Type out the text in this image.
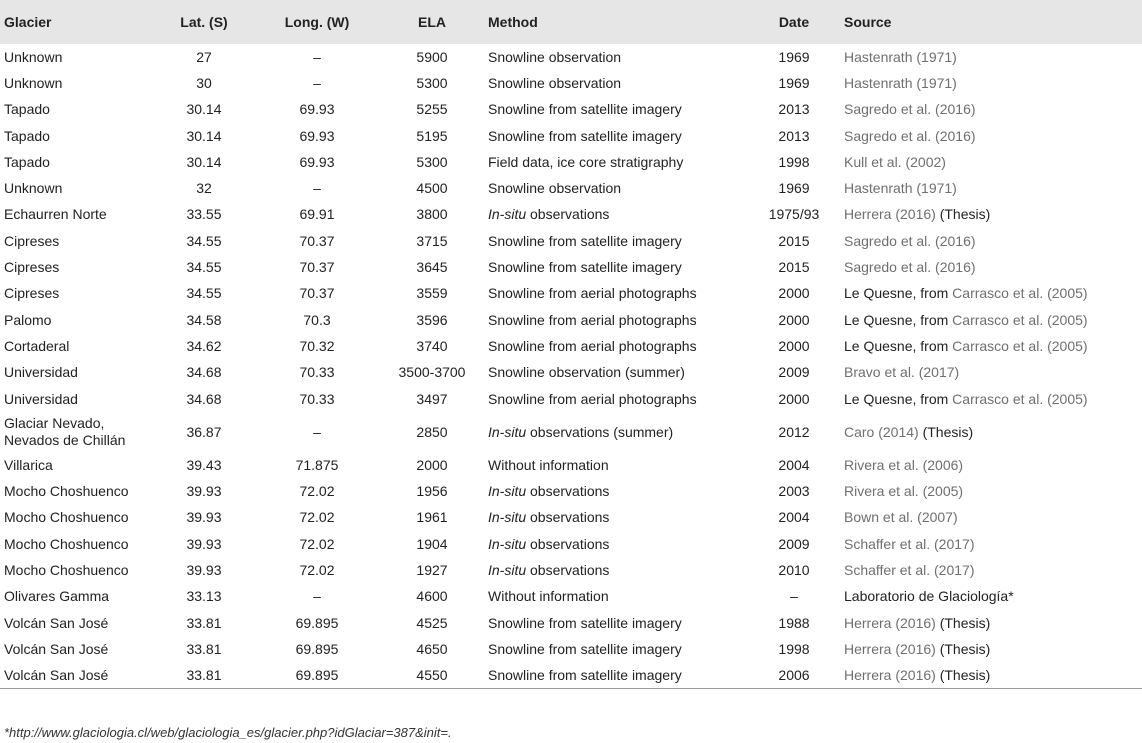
Glacier	Lat. (S)	Long. (W)	ELA	Method	Date	Source
Unknown	27	–	5900	Snowline observation	1969	Hastenrath (1971)
Unknown	30	–	5300	Snowline observation	1969	Hastenrath (1971)
Tapado	30.14	69.93	5255	Snowline from satellite imagery	2013	Sagredo et al. (2016)
Tapado	30.14	69.93	5195	Snowline from satellite imagery	2013	Sagredo et al. (2016)
Tapado	30.14	69.93	5300	Field data, ice core stratigraphy	1998	Kull et al. (2002)
Unknown	32	–	4500	Snowline observation	1969	Hastenrath (1971)
Echaurren Norte	33.55	69.91	3800	In-situ observations	1975/93	Herrera (2016) (Thesis)
Cipreses	34.55	70.37	3715	Snowline from satellite imagery	2015	Sagredo et al. (2016)
Cipreses	34.55	70.37	3645	Snowline from satellite imagery	2015	Sagredo et al. (2016)
Cipreses	34.55	70.37	3559	Snowline from aerial photographs	2000	Le Quesne, from Carrasco et al. (2005)
Palomo	34.58	70.3	3596	Snowline from aerial photographs	2000	Le Quesne, from Carrasco et al. (2005)
Cortaderal	34.62	70.32	3740	Snowline from aerial photographs	2000	Le Quesne, from Carrasco et al. (2005)
Universidad	34.68	70.33	3500-3700	Snowline observation (summer)	2009	Bravo et al. (2017)
Universidad	34.68	70.33	3497	Snowline from aerial photographs	2000	Le Quesne, from Carrasco et al. (2005)

Glaciar Nevado,
Nevados de Chillán	36.87	–	2850	In-situ observations (summer)	2012	Caro (2014) (Thesis)
Villarica	39.43	71.875	2000	Without information	2004	Rivera et al. (2006)
Mocho Choshuenco	39.93	72.02	1956	In-situ observations	2003	Rivera et al. (2005)
Mocho Choshuenco	39.93	72.02	1961	In-situ observations	2004	Bown et al. (2007)
Mocho Choshuenco	39.93	72.02	1904	In-situ observations	2009	Schaffer et al. (2017)
Mocho Choshuenco	39.93	72.02	1927	In-situ observations	2010	Schaffer et al. (2017)
Olivares Gamma	33.13	–	4600	Without information	–	Laboratorio de Glaciología*
Volcán San José	33.81	69.895	4525	Snowline from satellite imagery	1988	Herrera (2016) (Thesis)
Volcán San José	33.81	69.895	4650	Snowline from satellite imagery	1998	Herrera (2016) (Thesis)
Volcán San José	33.81	69.895	4550	Snowline from satellite imagery	2006	Herrera (2016) (Thesis)
*http://www.glaciologia.cl/web/glaciologia_es/glacier.php?idGlaciar=387&init=.
